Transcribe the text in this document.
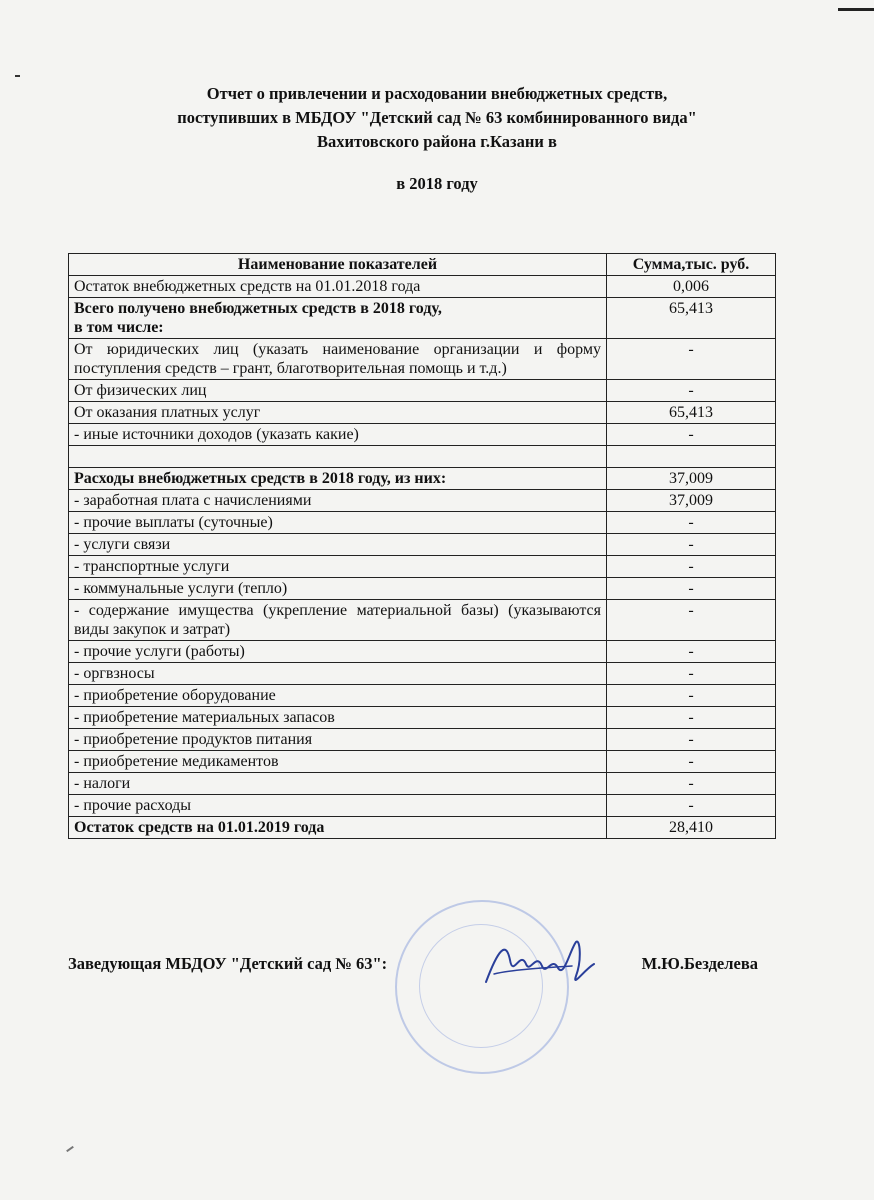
Отчет о привлечении и расходовании внебюджетных средств,
поступивших в МБДОУ "Детский сад № 63 комбинированного вида"
Вахитовского района г.Казани в
в 2018 году
Наименование показателей	Сумма,тыс. руб.
Остаток внебюджетных средств на 01.01.2018 года	0,006

Всего получено внебюджетных средств в 2018 году,
в том числе:	65,413
От юридических лиц (указать наименование организации и форму поступления средств – грант, благотворительная помощь и т.д.)	-
От физических лиц	-
От оказания платных услуг	65,413
- иные источники доходов (указать какие)	-

Расходы внебюджетных средств в 2018 году, из них:	37,009
- заработная плата с начислениями	37,009
- прочие выплаты (суточные)	-
- услуги связи	-
- транспортные услуги	-
- коммунальные услуги (тепло)	-
- содержание имущества (укрепление материальной базы) (указываются виды закупок и затрат)	-
- прочие услуги (работы)	-
- оргвзносы	-
- приобретение оборудование	-
- приобретение материальных запасов	-
- приобретение продуктов питания	-
- приобретение медикаментов	-
- налоги	-
- прочие расходы	-
Остаток средств на 01.01.2019 года	28,410
Заведующая МБДОУ "Детский сад № 63":	М.Ю.Безделева
